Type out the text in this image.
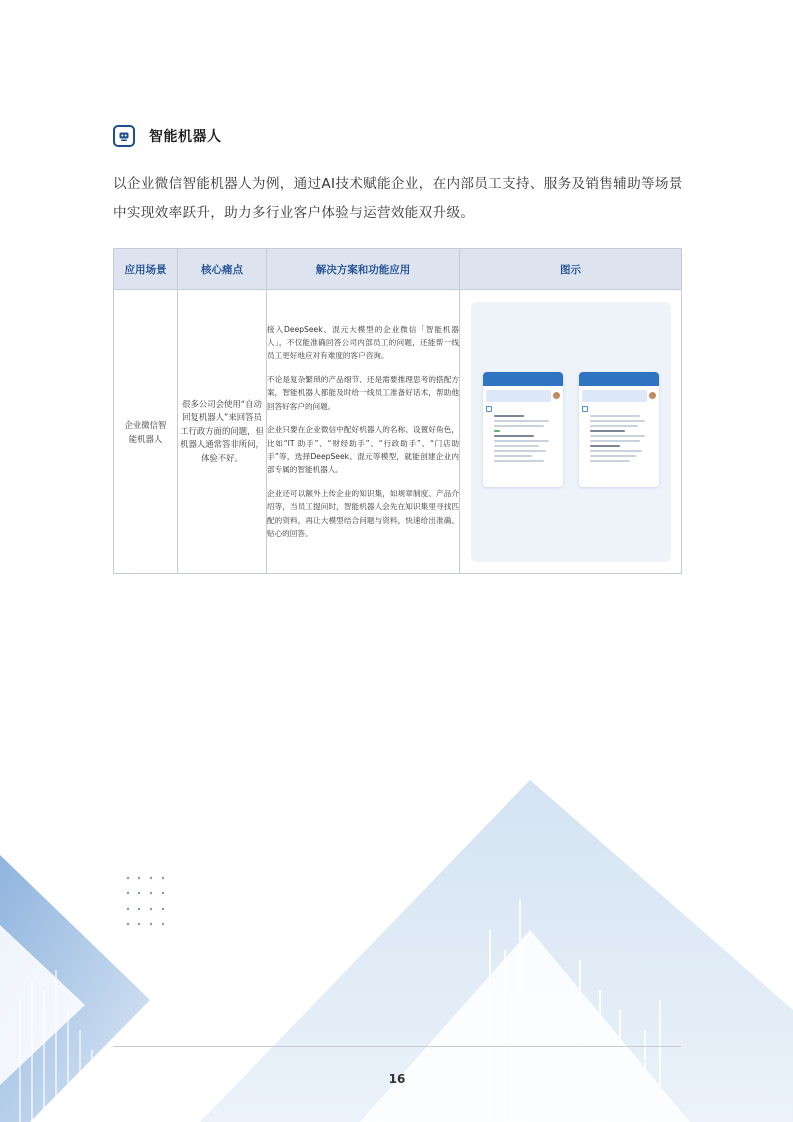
智能机器人
以企业微信智能机器人为例，通过AI技术赋能企业，在内部员工支持、服务及销售辅助等场景中实现效率跃升，助力多行业客户体验与运营效能双升级。
应用场景	核心痛点	解决方案和功能应用	图示

企业微信智能机器人	很多公司会使用“自动回复机器人”来回答员工行政方面的问题，但机器人通常答非所问，体验不好。	接入DeepSeek、混元大模型的企业微信「智能机器人」，不仅能准确回答公司内部员工的问题，还能帮一线员工更好地应对有难度的客户咨询。

不论是复杂繁琐的产品细节、还是需要推理思考的搭配方案，智能机器人都能及时给一线员工准备好话术，帮助他回答好客户的问题。

企业只要在企业微信中配好机器人的名称、设置好角色，比如“IT 助手”、“财经助手”、“行政助手”、“门店助手”等，选择DeepSeek、混元等模型，就能创建企业内部专属的智能机器人。

企业还可以额外上传企业的知识集，如规章制度、产品介绍等，当员工提问时，智能机器人会先在知识集里寻找匹配的资料，再让大模型结合问题与资料，快速给出准确、贴心的回答。	

16
